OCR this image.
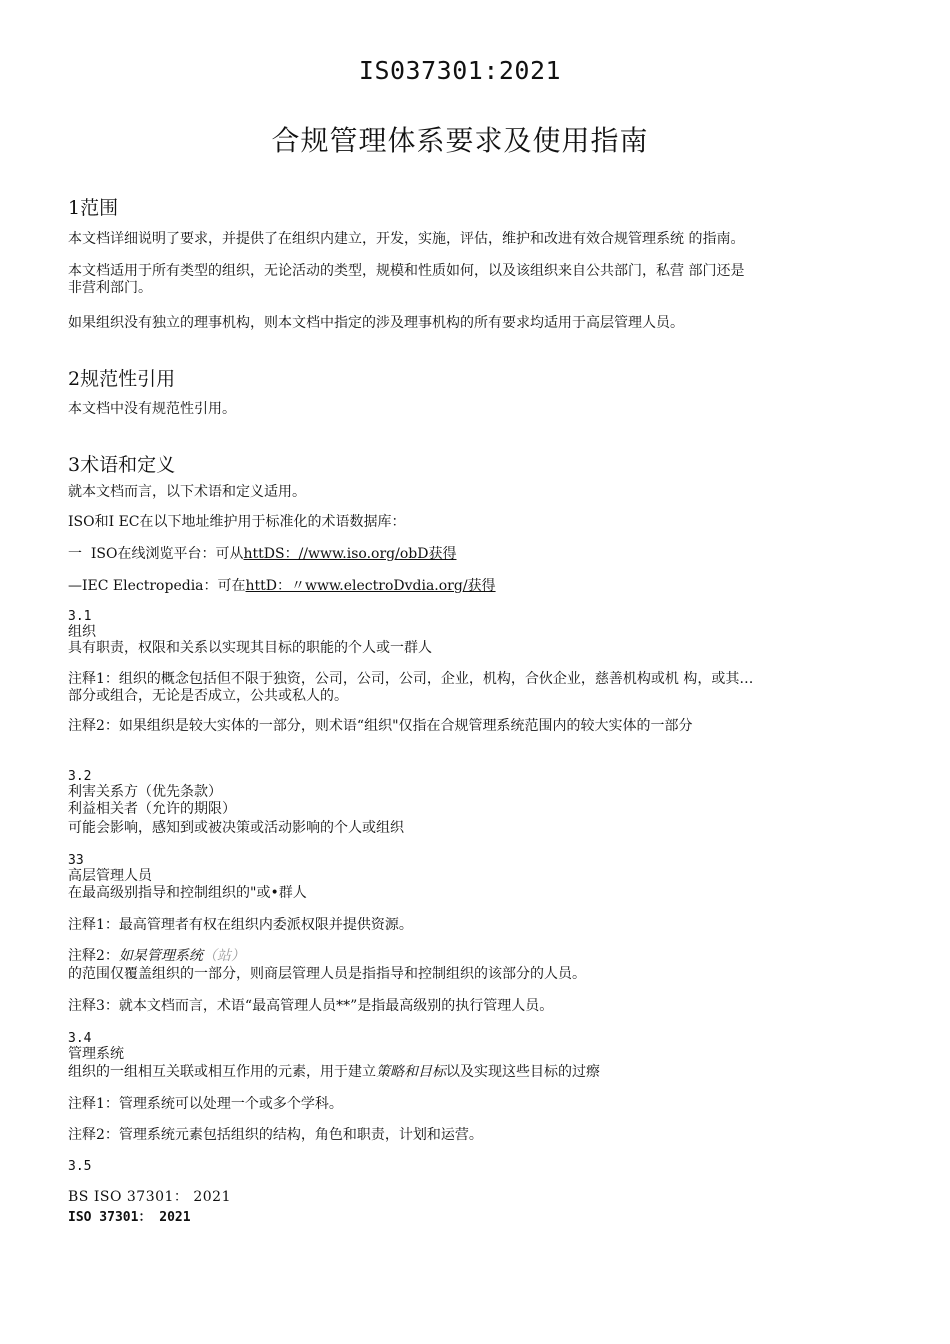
IS037301:2021
合规管理体系要求及使用指南
1范围

本文档详细说明了要求，并提供了在组织内建立，开发，实施，评估，维护和改进有效合规管理系统 的指南。

本文档适用于所有类型的组织，无论活动的类型，规模和性质如何，以及该组织来自公共部门，私营 部门还是
非营利部门。

如果组织没有独立的理事机构，则本文档中指定的涉及理事机构的所有要求均适用于高层管理人员。

2规范性引用

本文档中没有规范性引用。

3术语和定义

就本文档而言，以下术语和定义适用。

ISO和I EC在以下地址维护用于标准化的术语数据库：

一  ISO在线浏览平台：可从httDS：//www.iso.org/obD获得

—IEC Electropedia：可在httD：〃www.electroDvdia.org/获得

3.1

组织

具有职责，权限和关系以实现其目标的职能的个人或一群人

注释1：组织的概念包括但不限于独资，公司，公司，公司，企业，机构，合伙企业，慈善机构或机 构，或其…
部分或组合，无论是否成立，公共或私人的。

注释2：如果组织是较大实体的一部分，则术语“组织"仅指在合规管理系统范围内的较大实体的一部分

3.2

利害关系方（优先条款）

利益相关者（允许的期限）

可能会影响，感知到或被决策或活动影响的个人或组织

33

高层管理人员

在最高级别指导和控制组织的"或•群人

注释1：最高管理者有权在组织内委派权限并提供资源。

注释2：如杲管理系统（站）

的范围仅覆盖组织的一部分，则商层管理人员是指指导和控制组织的该部分的人员。

注释3：就本文档而言，术语“最高管理人员**”是指最高级别的执行管理人员。

3.4

管理系统

组织的一组相互关联或相互作用的元素，用于建立策略和目标以及实现这些目标的过瘵

注释1：管理系统可以处理一个或多个学科。

注释2：管理系统元素包括组织的结构，角色和职责，计划和运营。

3.5

BS ISO 37301： 2021

ISO 37301： 2021
